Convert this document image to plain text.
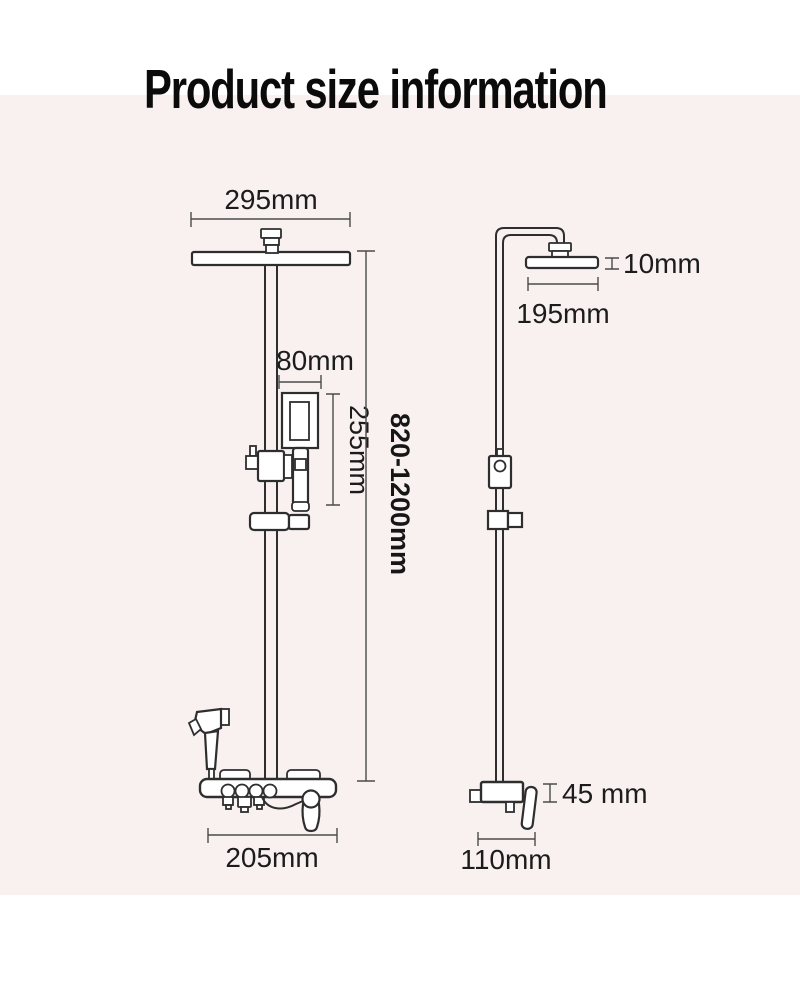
Product size information
295mm
80mm
255mm 820-1200mm
205mm
10mm
195mm
45 mm
110mm
